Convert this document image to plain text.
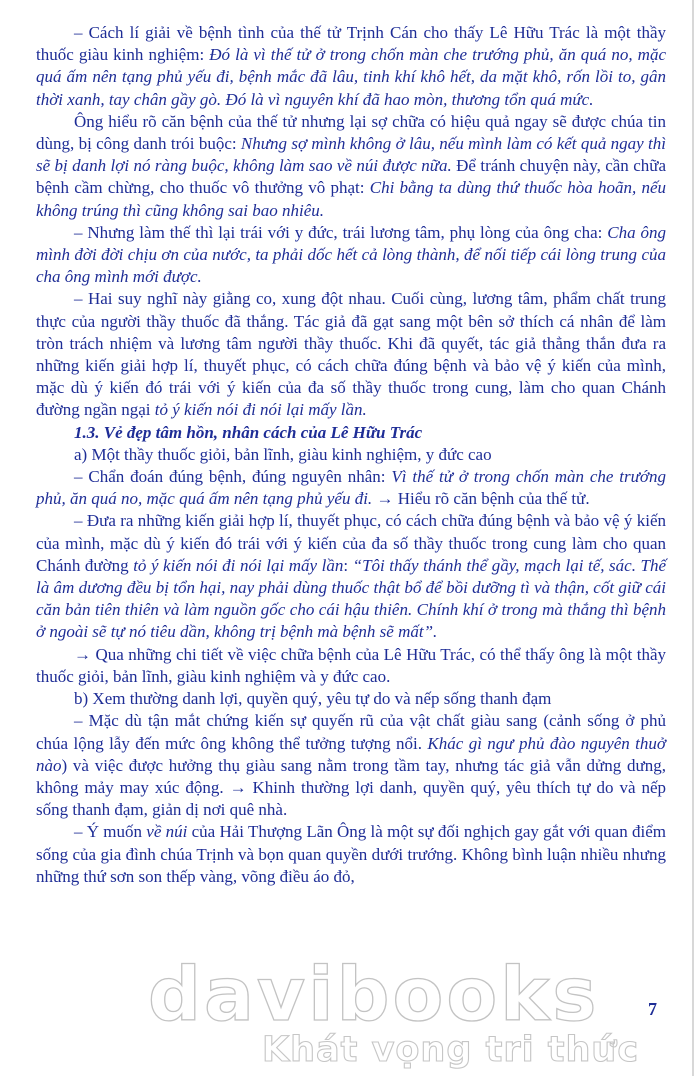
– Cách lí giải về bệnh tình của thế tử Trịnh Cán cho thấy Lê Hữu Trác là một thầy thuốc giàu kinh nghiệm: Đó là vì thế tử ở trong chốn màn che trướng phủ, ăn quá no, mặc quá ấm nên tạng phủ yếu đi, bệnh mắc đã lâu, tinh khí khô hết, da mặt khô, rốn lồi to, gân thời xanh, tay chân gầy gò. Đó là vì nguyên khí đã hao mòn, thương tổn quá mức.

Ông hiểu rõ căn bệnh của thế tử nhưng lại sợ chữa có hiệu quả ngay sẽ được chúa tin dùng, bị công danh trói buộc: Nhưng sợ mình không ở lâu, nếu mình làm có kết quả ngay thì sẽ bị danh lợi nó ràng buộc, không làm sao về núi được nữa. Để tránh chuyện này, cần chữa bệnh cầm chừng, cho thuốc vô thưởng vô phạt: Chi bằng ta dùng thứ thuốc hòa hoãn, nếu không trúng thì cũng không sai bao nhiêu.

– Nhưng làm thế thì lại trái với y đức, trái lương tâm, phụ lòng của ông cha: Cha ông mình đời đời chịu ơn của nước, ta phải dốc hết cả lòng thành, để nối tiếp cái lòng trung của cha ông mình mới được.

– Hai suy nghĩ này giằng co, xung đột nhau. Cuối cùng, lương tâm, phẩm chất trung thực của người thầy thuốc đã thắng. Tác giả đã gạt sang một bên sở thích cá nhân để làm tròn trách nhiệm và lương tâm người thầy thuốc. Khi đã quyết, tác giả thẳng thắn đưa ra những kiến giải hợp lí, thuyết phục, có cách chữa đúng bệnh và bảo vệ ý kiến của mình, mặc dù ý kiến đó trái với ý kiến của đa số thầy thuốc trong cung, làm cho quan Chánh đường ngần ngại tỏ ý kiến nói đi nói lại mấy lần.

1.3. Vẻ đẹp tâm hồn, nhân cách của Lê Hữu Trác

a) Một thầy thuốc giỏi, bản lĩnh, giàu kinh nghiệm, y đức cao

– Chẩn đoán đúng bệnh, đúng nguyên nhân: Vì thế tử ở trong chốn màn che trướng phủ, ăn quá no, mặc quá ấm nên tạng phủ yếu đi. → Hiểu rõ căn bệnh của thế tử.

– Đưa ra những kiến giải hợp lí, thuyết phục, có cách chữa đúng bệnh và bảo vệ ý kiến của mình, mặc dù ý kiến đó trái với ý kiến của đa số thầy thuốc trong cung làm cho quan Chánh đường tỏ ý kiến nói đi nói lại mấy lần: “Tôi thấy thánh thể gầy, mạch lại tế, sác. Thế là âm dương đều bị tổn hại, nay phải dùng thuốc thật bổ để bồi dưỡng tì và thận, cốt giữ cái căn bản tiên thiên và làm nguồn gốc cho cái hậu thiên. Chính khí ở trong mà thắng thì bệnh ở ngoài sẽ tự nó tiêu dần, không trị bệnh mà bệnh sẽ mất”.

→ Qua những chi tiết về việc chữa bệnh của Lê Hữu Trác, có thể thấy ông là một thầy thuốc giỏi, bản lĩnh, giàu kinh nghiệm và y đức cao.

b) Xem thường danh lợi, quyền quý, yêu tự do và nếp sống thanh đạm

– Mặc dù tận mắt chứng kiến sự quyến rũ của vật chất giàu sang (cảnh sống ở phủ chúa lộng lẫy đến mức ông không thể tưởng tượng nổi. Khác gì ngư phủ đào nguyên thuở nào) và việc được hưởng thụ giàu sang nằm trong tầm tay, nhưng tác giả vẫn dửng dưng, không mảy may xúc động. → Khinh thường lợi danh, quyền quý, yêu thích tự do và nếp sống thanh đạm, giản dị nơi quê nhà.

– Ý muốn về núi của Hải Thượng Lãn Ông là một sự đối nghịch gay gắt với quan điểm sống của gia đình chúa Trịnh và bọn quan quyền dưới trướng. Không bình luận nhiều nhưng những thứ sơn son thếp vàng, võng điều áo đỏ,

davibooks
Khát vọng tri thức
7
